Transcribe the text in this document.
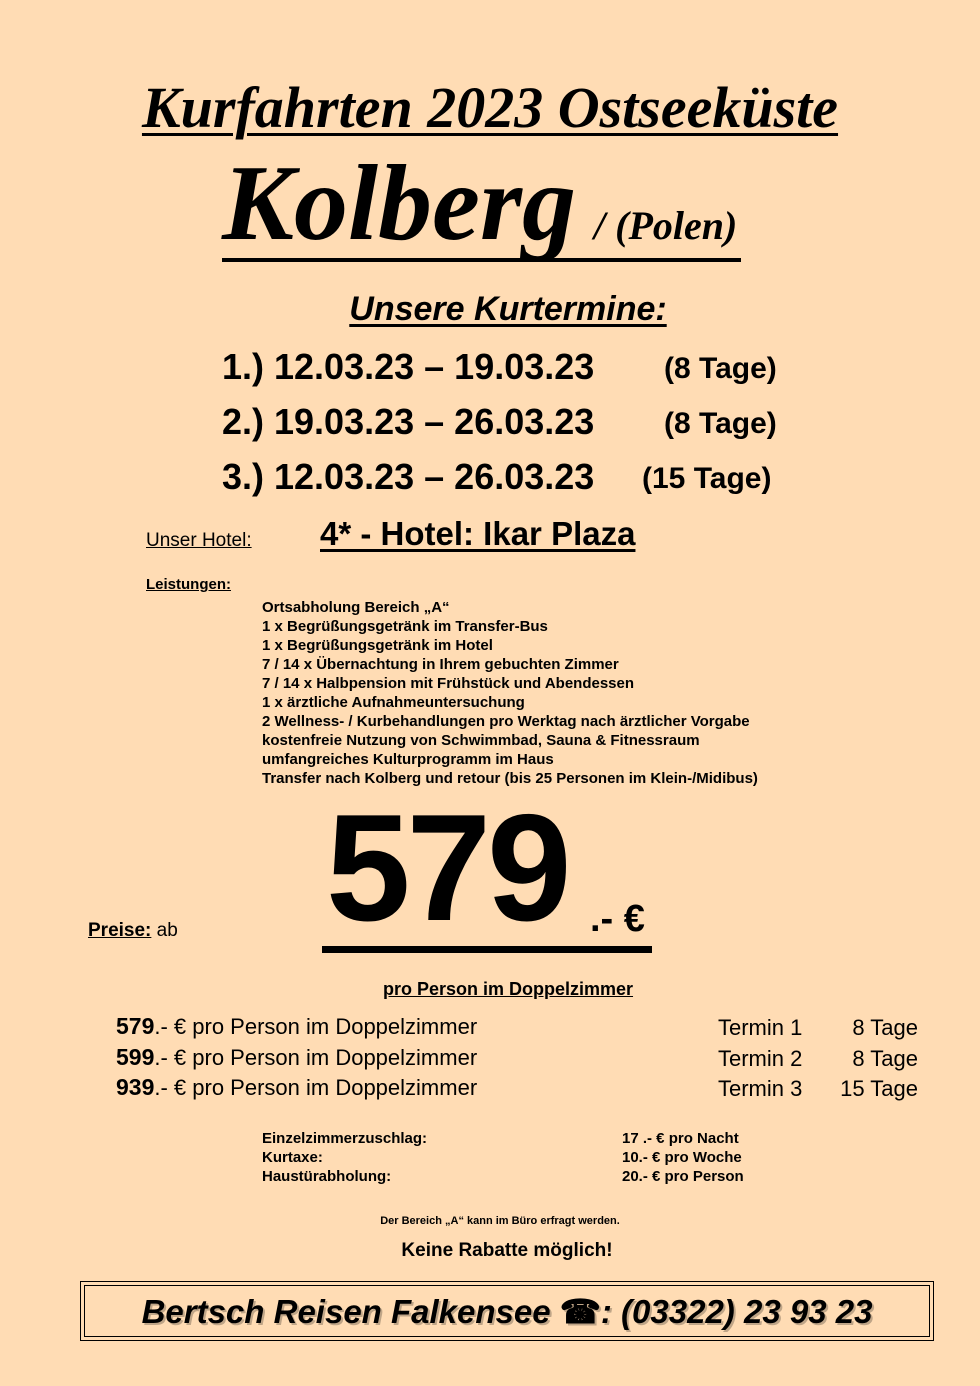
Kurfahrten 2023 Ostseeküste
Kolberg / (Polen)
Unsere Kurtermine:
1.) 12.03.23 – 19.03.23 (8 Tage)
2.) 19.03.23 – 26.03.23 (8 Tage)
3.) 12.03.23 – 26.03.23 (15 Tage)
Unser Hotel: 4* - Hotel: Ikar Plaza
Leistungen:
Ortsabholung Bereich „A“
1 x Begrüßungsgetränk im Transfer-Bus
1 x Begrüßungsgetränk im Hotel
7 / 14 x Übernachtung in Ihrem gebuchten Zimmer
7 / 14 x Halbpension mit Frühstück und Abendessen
1 x ärztliche Aufnahmeuntersuchung
2 Wellness- / Kurbehandlungen pro Werktag nach ärztlicher Vorgabe
kostenfreie Nutzung von Schwimmbad, Sauna & Fitnessraum
umfangreiches Kulturprogramm im Haus
Transfer nach Kolberg und retour (bis 25 Personen im Klein-/Midibus)
Preise: ab 579 .- €
pro Person im Doppelzimmer
579.- € pro Person im Doppelzimmer	Termin 1	8 Tage
599.- € pro Person im Doppelzimmer	Termin 2	8 Tage
939.- € pro Person im Doppelzimmer	Termin 3	15 Tage
Einzelzimmerzuschlag:	17 .- € pro Nacht
Kurtaxe:	10.- € pro Woche
Haustürabholung:	20.- € pro Person
Der Bereich „A“ kann im Büro erfragt werden.
Keine Rabatte möglich!
Bertsch Reisen Falkensee ☎: (03322) 23 93 23
